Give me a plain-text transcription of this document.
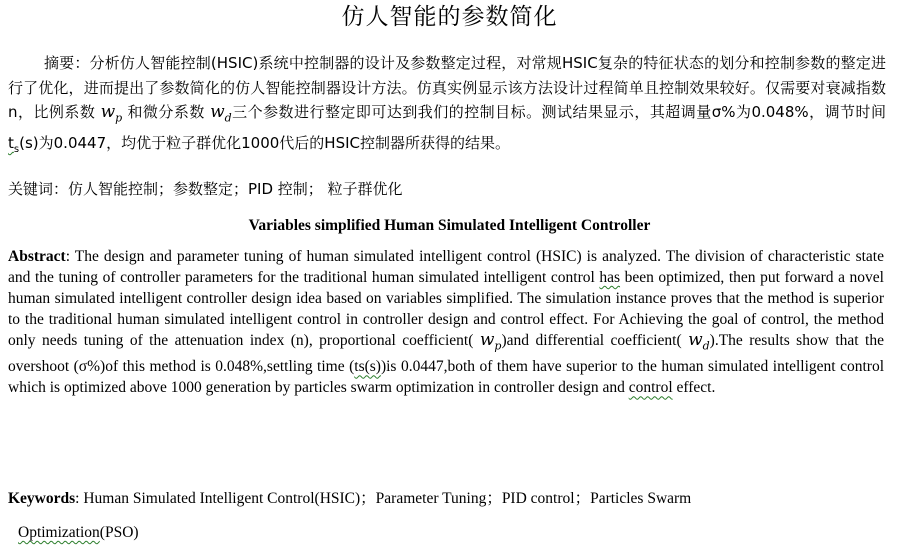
仿人智能的参数简化
摘要：分析仿人智能控制(HSIC)系统中控制器的设计及参数整定过程，对常规HSIC复杂的特征状态的划分和控制参数的整定进行了优化，进而提出了参数简化的仿人智能控制器设计方法。仿真实例显示该方法设计过程简单且控制效果较好。仅需要对衰减指数n，比例系数 $w_p$ 和微分系数 $w_d$三个参数进行整定即可达到我们的控制目标。测试结果显示，其超调量σ%为0.048%，调节时间$t_s(s)$为0.0447，均优于粒子群优化1000代后的HSIC控制器所获得的结果。
关键词：仿人智能控制；参数整定；PID 控制； 粒子群优化
Variables simplified Human Simulated Intelligent Controller
Abstract: The design and parameter tuning of human simulated intelligent control (HSIC) is analyzed. The division of characteristic state and the tuning of controller parameters for the traditional human simulated intelligent control has been optimized, then put forward a novel human simulated intelligent controller design idea based on variables simplified. The simulation instance proves that the method is superior to the traditional human simulated intelligent control in controller design and control effect. For Achieving the goal of control, the method only needs tuning of the attenuation index (n), proportional coefficient( $w_p)and$ differential coefficient( $w_d).The$ results show that the overshoot (σ%)of this method is 0.048%,settling time (ts(s))is 0.0447,both of them have superior to the human simulated intelligent control which is optimized above 1000 generation by particles swarm optimization in controller design and control effect.
Keywords: Human Simulated Intelligent Control(HSIC)；Parameter Tuning；PID control；Particles Swarm
Optimization(PSO)
